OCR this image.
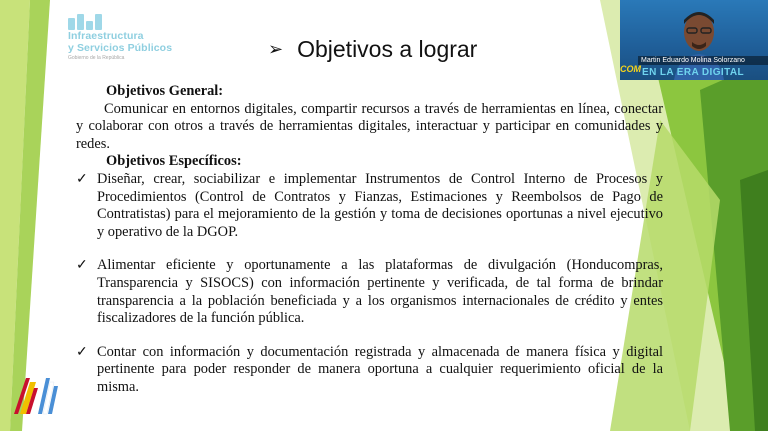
Infraestructura
y Servicios Públicos
Gobierno de la República	➢ Objetivos a lograr

Objetivos General:

Comunicar en entornos digitales, compartir recursos a través de herramientas en línea, conectar y colaborar con otros a través de herramientas digitales, interactuar y participar en comunidades y redes.

Objetivos Específicos:

✓ Diseñar, crear, sociabilizar e implementar Instrumentos de Control Interno de Procesos y Procedimientos (Control de Contratos y Fianzas, Estimaciones y Reembolsos de Pago de Contratistas) para el mejoramiento de la gestión y toma de decisiones oportunas a nivel ejecutivo y operativo de la DGOP.
✓ Alimentar eficiente y oportunamente a las plataformas de divulgación (Honducompras, Transparencia y SISOCS) con información pertinente y verificada, de tal forma de brindar transparencia a la población beneficiada y a los organismos internacionales de crédito y entes fiscalizadores de la función pública.
✓ Contar con información y documentación registrada y almacenada de manera física y digital pertinente para poder responder de manera oportuna a cualquier requerimiento oficial de la misma.
Martin Eduardo Molina Solorzano
COM EN LA ERA DIGITAL
